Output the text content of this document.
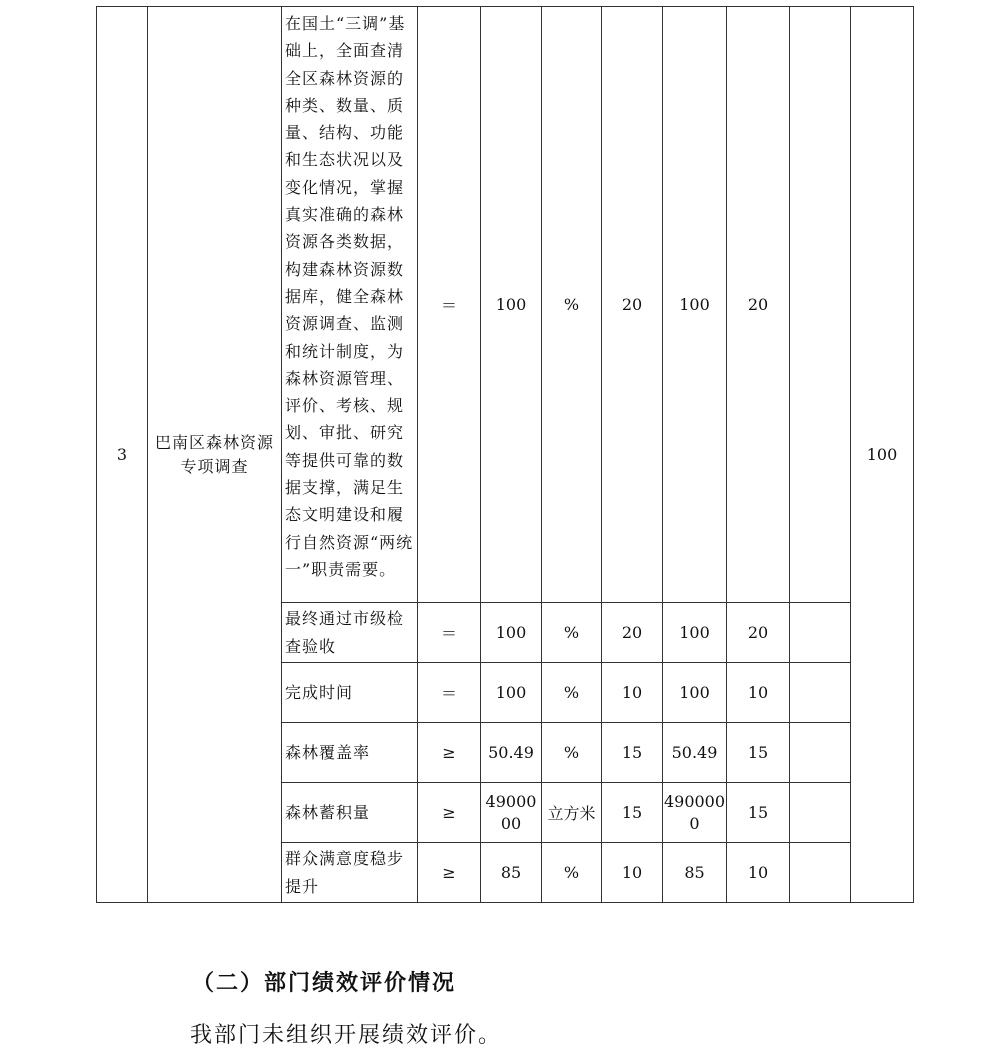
3	巴南区森林资源专项调查	在国土“三调”基础上，全面查清全区森林资源的种类、数量、质量、结构、功能和生态状况以及变化情况，掌握真实准确的森林资源各类数据，构建森林资源数据库，健全森林资源调查、监测和统计制度，为森林资源管理、评价、考核、规划、审批、研究等提供可靠的数据支撑，满足生态文明建设和履行自然资源“两统一”职责需要。	＝	100	%	20	100	20		100
		最终通过市级检查验收	＝	100	%	20	100	20		
		完成时间	＝	100	%	10	100	10		
		森林覆盖率	≥	50.49	%	15	50.49	15		
		森林蓄积量	≥	4900000	立方米	15	4900000	15		
		群众满意度稳步提升	≥	85	%	10	85	10		
（二）部门绩效评价情况
我部门未组织开展绩效评价。
